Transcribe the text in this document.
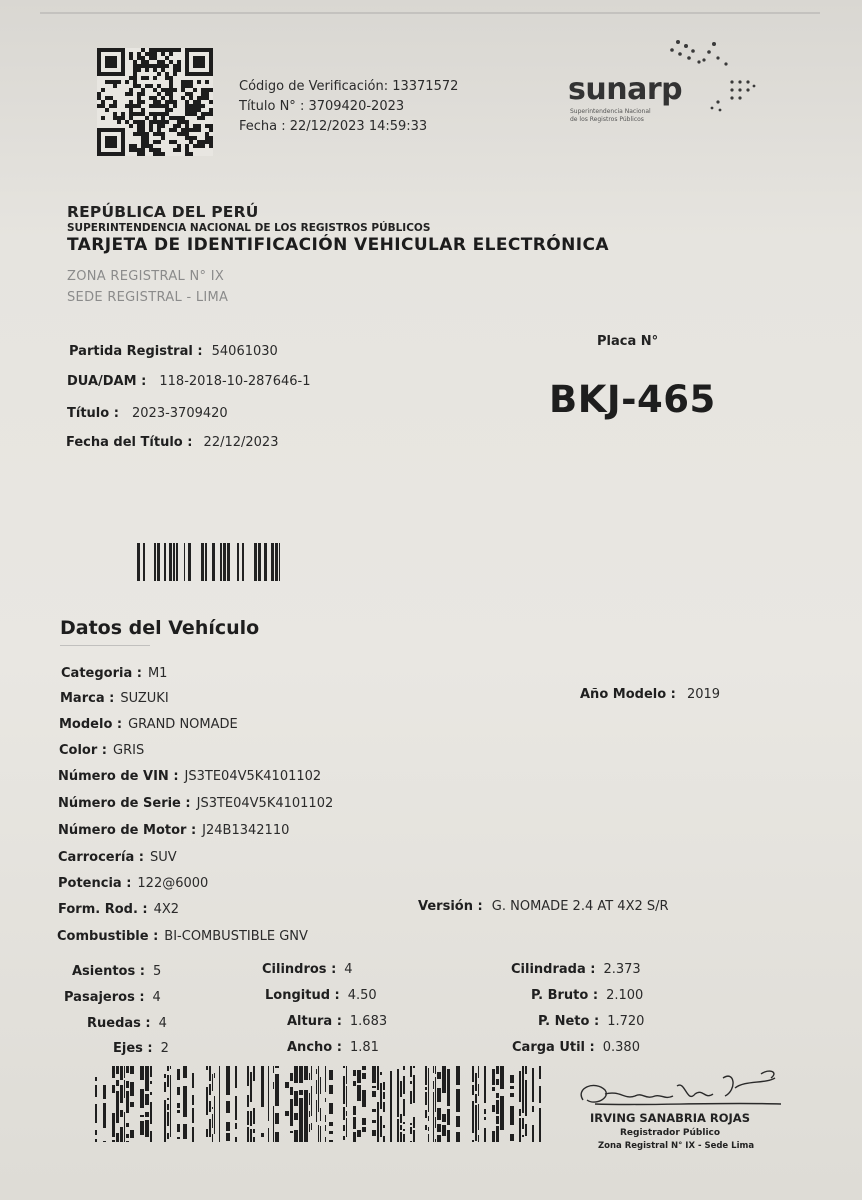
Código de Verificación: 13371572
Título N° : 3709420-2023
Fecha : 22/12/2023 14:59:33
sunarp
Superintendencia Nacional
de los Registros Públicos
REPÚBLICA DEL PERÚ
SUPERINTENDENCIA NACIONAL DE LOS REGISTROS PÚBLICOS
TARJETA DE IDENTIFICACIÓN VEHICULAR ELECTRÓNICA
ZONA REGISTRAL N° IX
SEDE REGISTRAL - LIMA
Partida Registral : 54061030
DUA/DAM : 118-2018-10-287646-1
Título : 2023-3709420
Fecha del Título : 22/12/2023
Placa N°
BKJ-465
Datos del Vehículo
Categoria : M1
Marca : SUZUKI
Modelo : GRAND NOMADE
Color : GRIS
Número de VIN : JS3TE04V5K4101102
Número de Serie : JS3TE04V5K4101102
Número de Motor : J24B1342110
Carrocería : SUV
Potencia : 122@6000
Form. Rod. : 4X2
Combustible : BI-COMBUSTIBLE GNV
Año Modelo : 2019
Versión : G. NOMADE 2.4 AT 4X2 S/R
Asientos : 5
Pasajeros : 4
Ruedas : 4
Ejes : 2
Cilindros : 4
Longitud : 4.50
Altura : 1.683
Ancho : 1.81
Cilindrada : 2.373
P. Bruto : 2.100
P. Neto : 1.720
Carga Util : 0.380
IRVING SANABRIA ROJAS
Registrador Público
Zona Registral N° IX - Sede Lima
